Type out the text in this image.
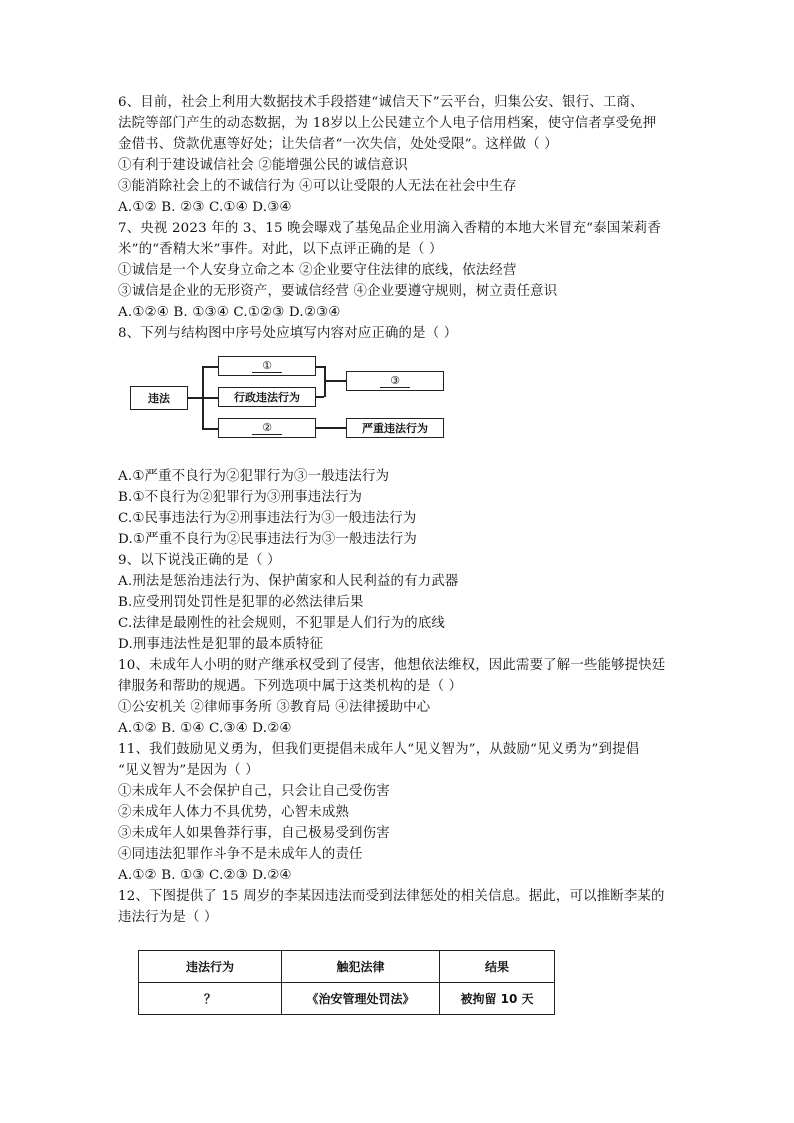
6、目前，社会上利用大数据技术手段搭建“诚信天下”云平台，归集公安、银行、工商、
法院等部门产生的动态数据，为 18岁以上公民建立个人电子信用档案，使守信者享受免押
金借书、贷款优惠等好处；让失信者“一次失信，处处受限”。这样做（ ）
①有利于建设诚信社会 ②能增强公民的诚信意识
③能消除社会上的不诚信行为 ④可以让受限的人无法在社会中生存
A.①② B. ②③ C.①④ D.③④
7、央视 2023 年的 3、15 晚会曝戏了基兔品企业用滴入香精的本地大米冒充“泰国茉莉香
米”的“香精大米”事件。对此，以下点评正确的是（ ）
①诚信是一个人安身立命之本 ②企业要守住法律的底线，依法经营
③诚信是企业的无形资产，要诚信经营 ④企业要遵守规则，树立责任意识
A.①②④ B. ①③④ C.①②③ D.②③④
8、下列与结构图中序号处应填写内容对应正确的是（ ）
违法
①
行政违法行为
②
③
严重违法行为
A.①严重不良行为②犯罪行为③一般违法行为
B.①不良行为②犯罪行为③刑事违法行为
C.①民事违法行为②刑事违法行为③一般违法行为
D.①严重不良行为②民事违法行为③一般违法行为
9、以下说浅正确的是（ ）
A.刑法是惩治违法行为、保护菌家和人民利益的有力武器
B.应受刑罚处罚性是犯罪的必然法律后果
C.法律是最刚性的社会规则，不犯罪是人们行为的底线
D.刑事违法性是犯罪的最本质特征
10、未成年人小明的财产继承权受到了侵害，他想依法维权，因此需要了解一些能够提快廷
律服务和帮助的规遇。下列选项中属于这类机构的是（ ）
①公安机关 ②律师事务所 ③教育局 ④法律援助中心
A.①② B. ①④ C.③④ D.②④
11、我们鼓励见义勇为，但我们更提倡未成年人“见义智为”，从鼓励“见义勇为”到提倡
“见义智为”是因为（ ）
①未成年人不会保护自己，只会让自己受伤害
②未成年人体力不具优势，心智未成熟
③未成年人如果鲁莽行事，自己极易受到伤害
④同违法犯罪作斗争不是未成年人的责任
A.①② B. ①③ C.②③ D.②④
12、下图提供了 15 周岁的李某因违法而受到法律惩处的相关信息。据此，可以推断李某的
违法行为是（ ）
违法行为	触犯法律	结果
？	《治安管理处罚法》	被拘留 10 天
